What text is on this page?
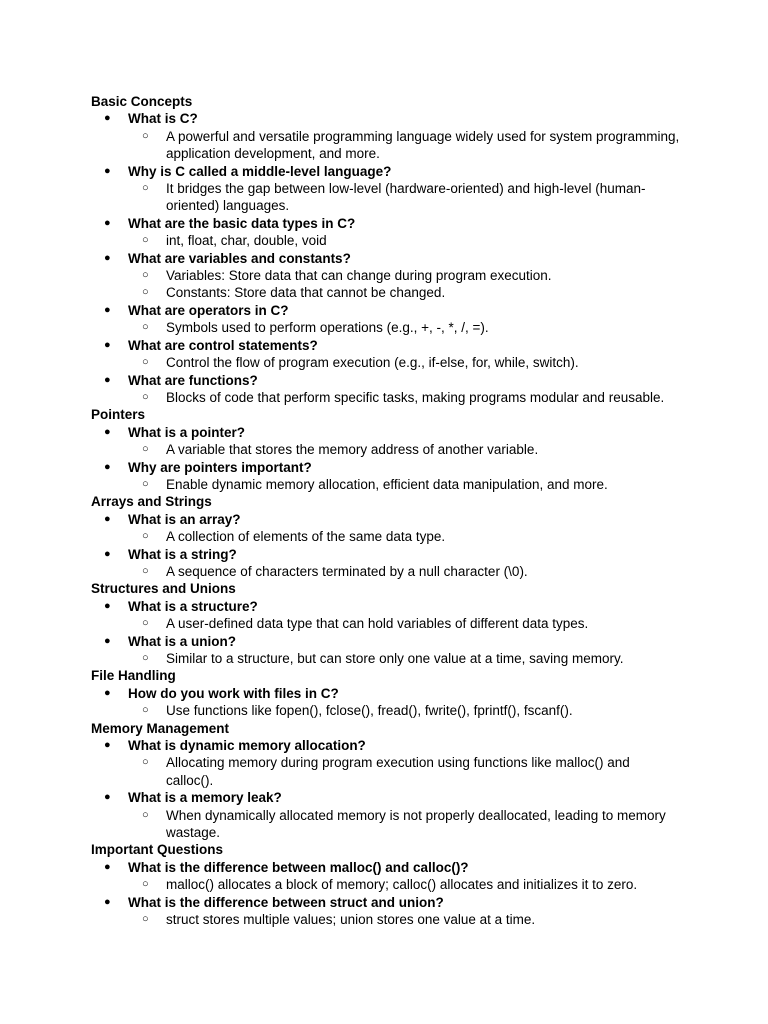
Basic Concepts
● What is C?
○ A powerful and versatile programming language widely used for system programming, application development, and more.
● Why is C called a middle-level language?
○ It bridges the gap between low-level (hardware-oriented) and high-level (human-oriented) languages.
● What are the basic data types in C?
○ int, float, char, double, void
● What are variables and constants?
○ Variables: Store data that can change during program execution.
○ Constants: Store data that cannot be changed.
● What are operators in C?
○ Symbols used to perform operations (e.g., +, -, *, /, =).
● What are control statements?
○ Control the flow of program execution (e.g., if-else, for, while, switch).
● What are functions?
○ Blocks of code that perform specific tasks, making programs modular and reusable.
Pointers
● What is a pointer?
○ A variable that stores the memory address of another variable.
● Why are pointers important?
○ Enable dynamic memory allocation, efficient data manipulation, and more.
Arrays and Strings
● What is an array?
○ A collection of elements of the same data type.
● What is a string?
○ A sequence of characters terminated by a null character (\0).
Structures and Unions
● What is a structure?
○ A user-defined data type that can hold variables of different data types.
● What is a union?
○ Similar to a structure, but can store only one value at a time, saving memory.
File Handling
● How do you work with files in C?
○ Use functions like fopen(), fclose(), fread(), fwrite(), fprintf(), fscanf().
Memory Management
● What is dynamic memory allocation?
○ Allocating memory during program execution using functions like malloc() and calloc().
● What is a memory leak?
○ When dynamically allocated memory is not properly deallocated, leading to memory wastage.
Important Questions
● What is the difference between malloc() and calloc()?
○ malloc() allocates a block of memory; calloc() allocates and initializes it to zero.
● What is the difference between struct and union?
○ struct stores multiple values; union stores one value at a time.
